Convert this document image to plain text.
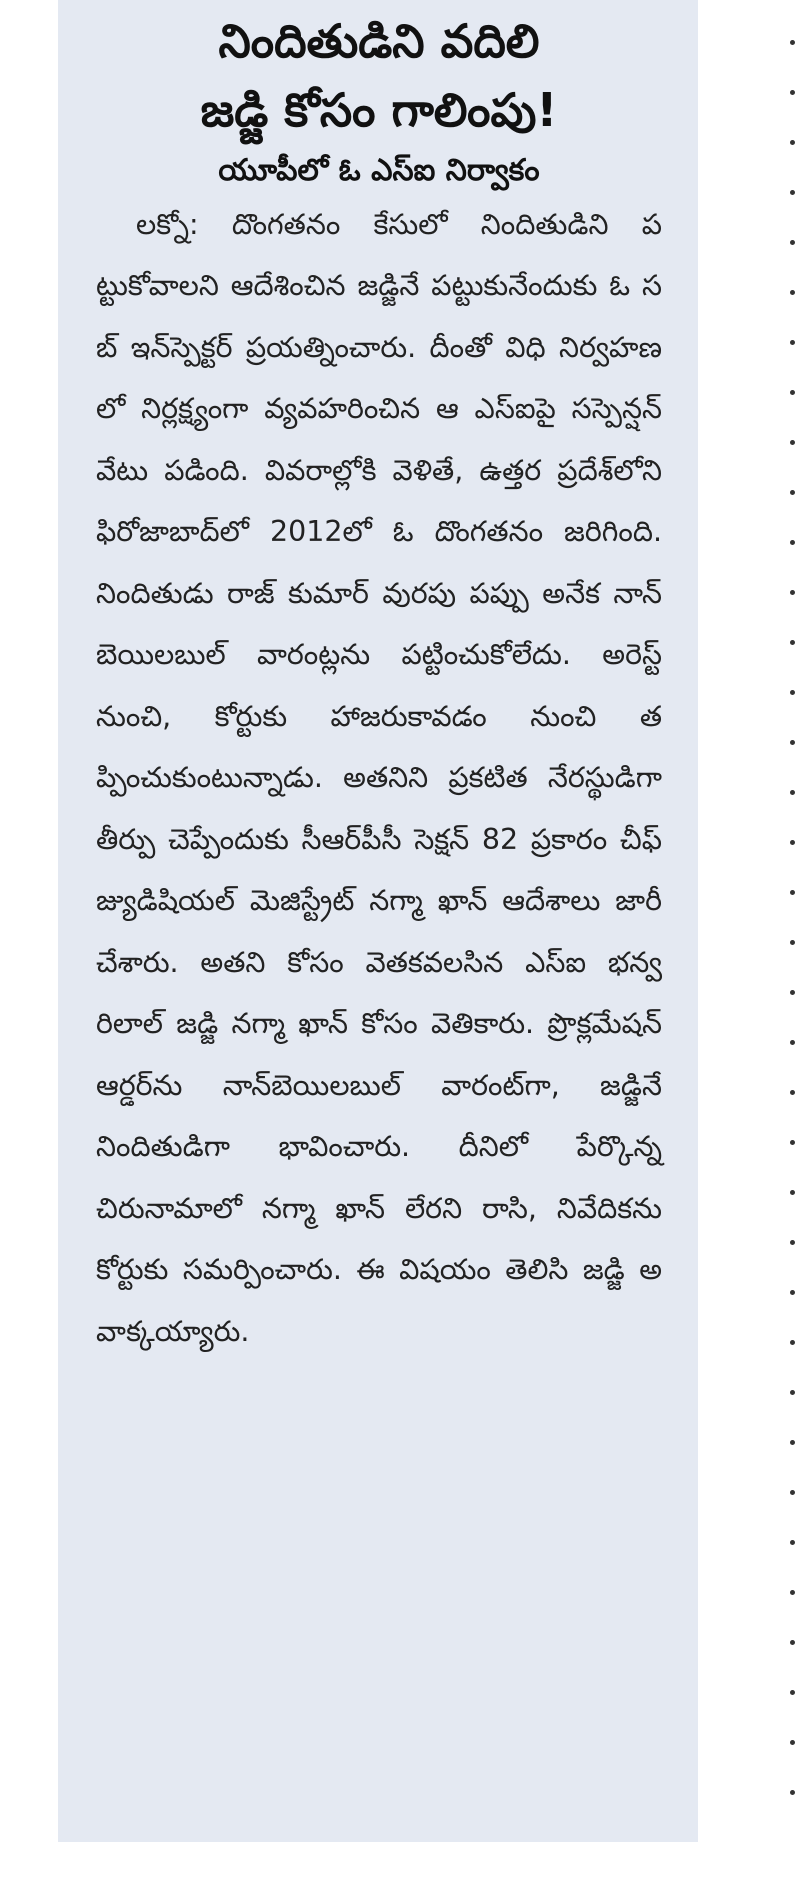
నిందితుడిని వదిలి
జడ్జి కోసం గాలింపు!
యూపీలో ఓ ఎస్‌ఐ నిర్వాకం

లక్నో: దొంగతనం కేసులో నిందితుడిని పట్టుకోవాలని ఆదేశించిన జడ్జినే పట్టుకునేందుకు ఓ సబ్ ఇన్‌స్పెక్టర్ ప్రయత్నించారు. దీంతో విధి నిర్వహణలో నిర్లక్ష్యంగా వ్యవహరించిన ఆ ఎస్‌ఐపై సస్పెన్షన్ వేటు పడింది. వివరాల్లోకి వెళితే, ఉత్తర ప్రదేశ్‌లోని ఫిరోజాబాద్‌లో 2012లో ఓ దొంగతనం జరిగింది. నిందితుడు రాజ్ కుమార్ వురపు పప్పు అనేక నాన్ బెయిలబుల్ వారంట్లను పట్టించుకోలేదు. అరెస్ట్ నుంచి, కోర్టుకు హాజరుకావడం నుంచి తప్పించుకుంటున్నాడు. అతనిని ప్రకటిత నేరస్థుడిగా తీర్పు చెప్పేందుకు సీఆర్‌పీసీ సెక్షన్ 82 ప్రకారం చీఫ్ జ్యుడిషియల్ మెజిస్ట్రేట్ నగ్మా ఖాన్ ఆదేశాలు జారీ చేశారు. అతని కోసం వెతకవలసిన ఎస్‌ఐ భన్వరిలాల్ జడ్జి నగ్మా ఖాన్ కోసం వెతికారు. ప్రొక్లమేషన్ ఆర్డర్‌ను నాన్‌బెయిలబుల్ వారంట్‌గా, జడ్జినే నిందితుడిగా భావించారు. దీనిలో పేర్కొన్న చిరునామాలో నగ్మా ఖాన్ లేరని రాసి, నివేదికను కోర్టుకు సమర్పించారు. ఈ విషయం తెలిసి జడ్జి అవాక్కయ్యారు.
